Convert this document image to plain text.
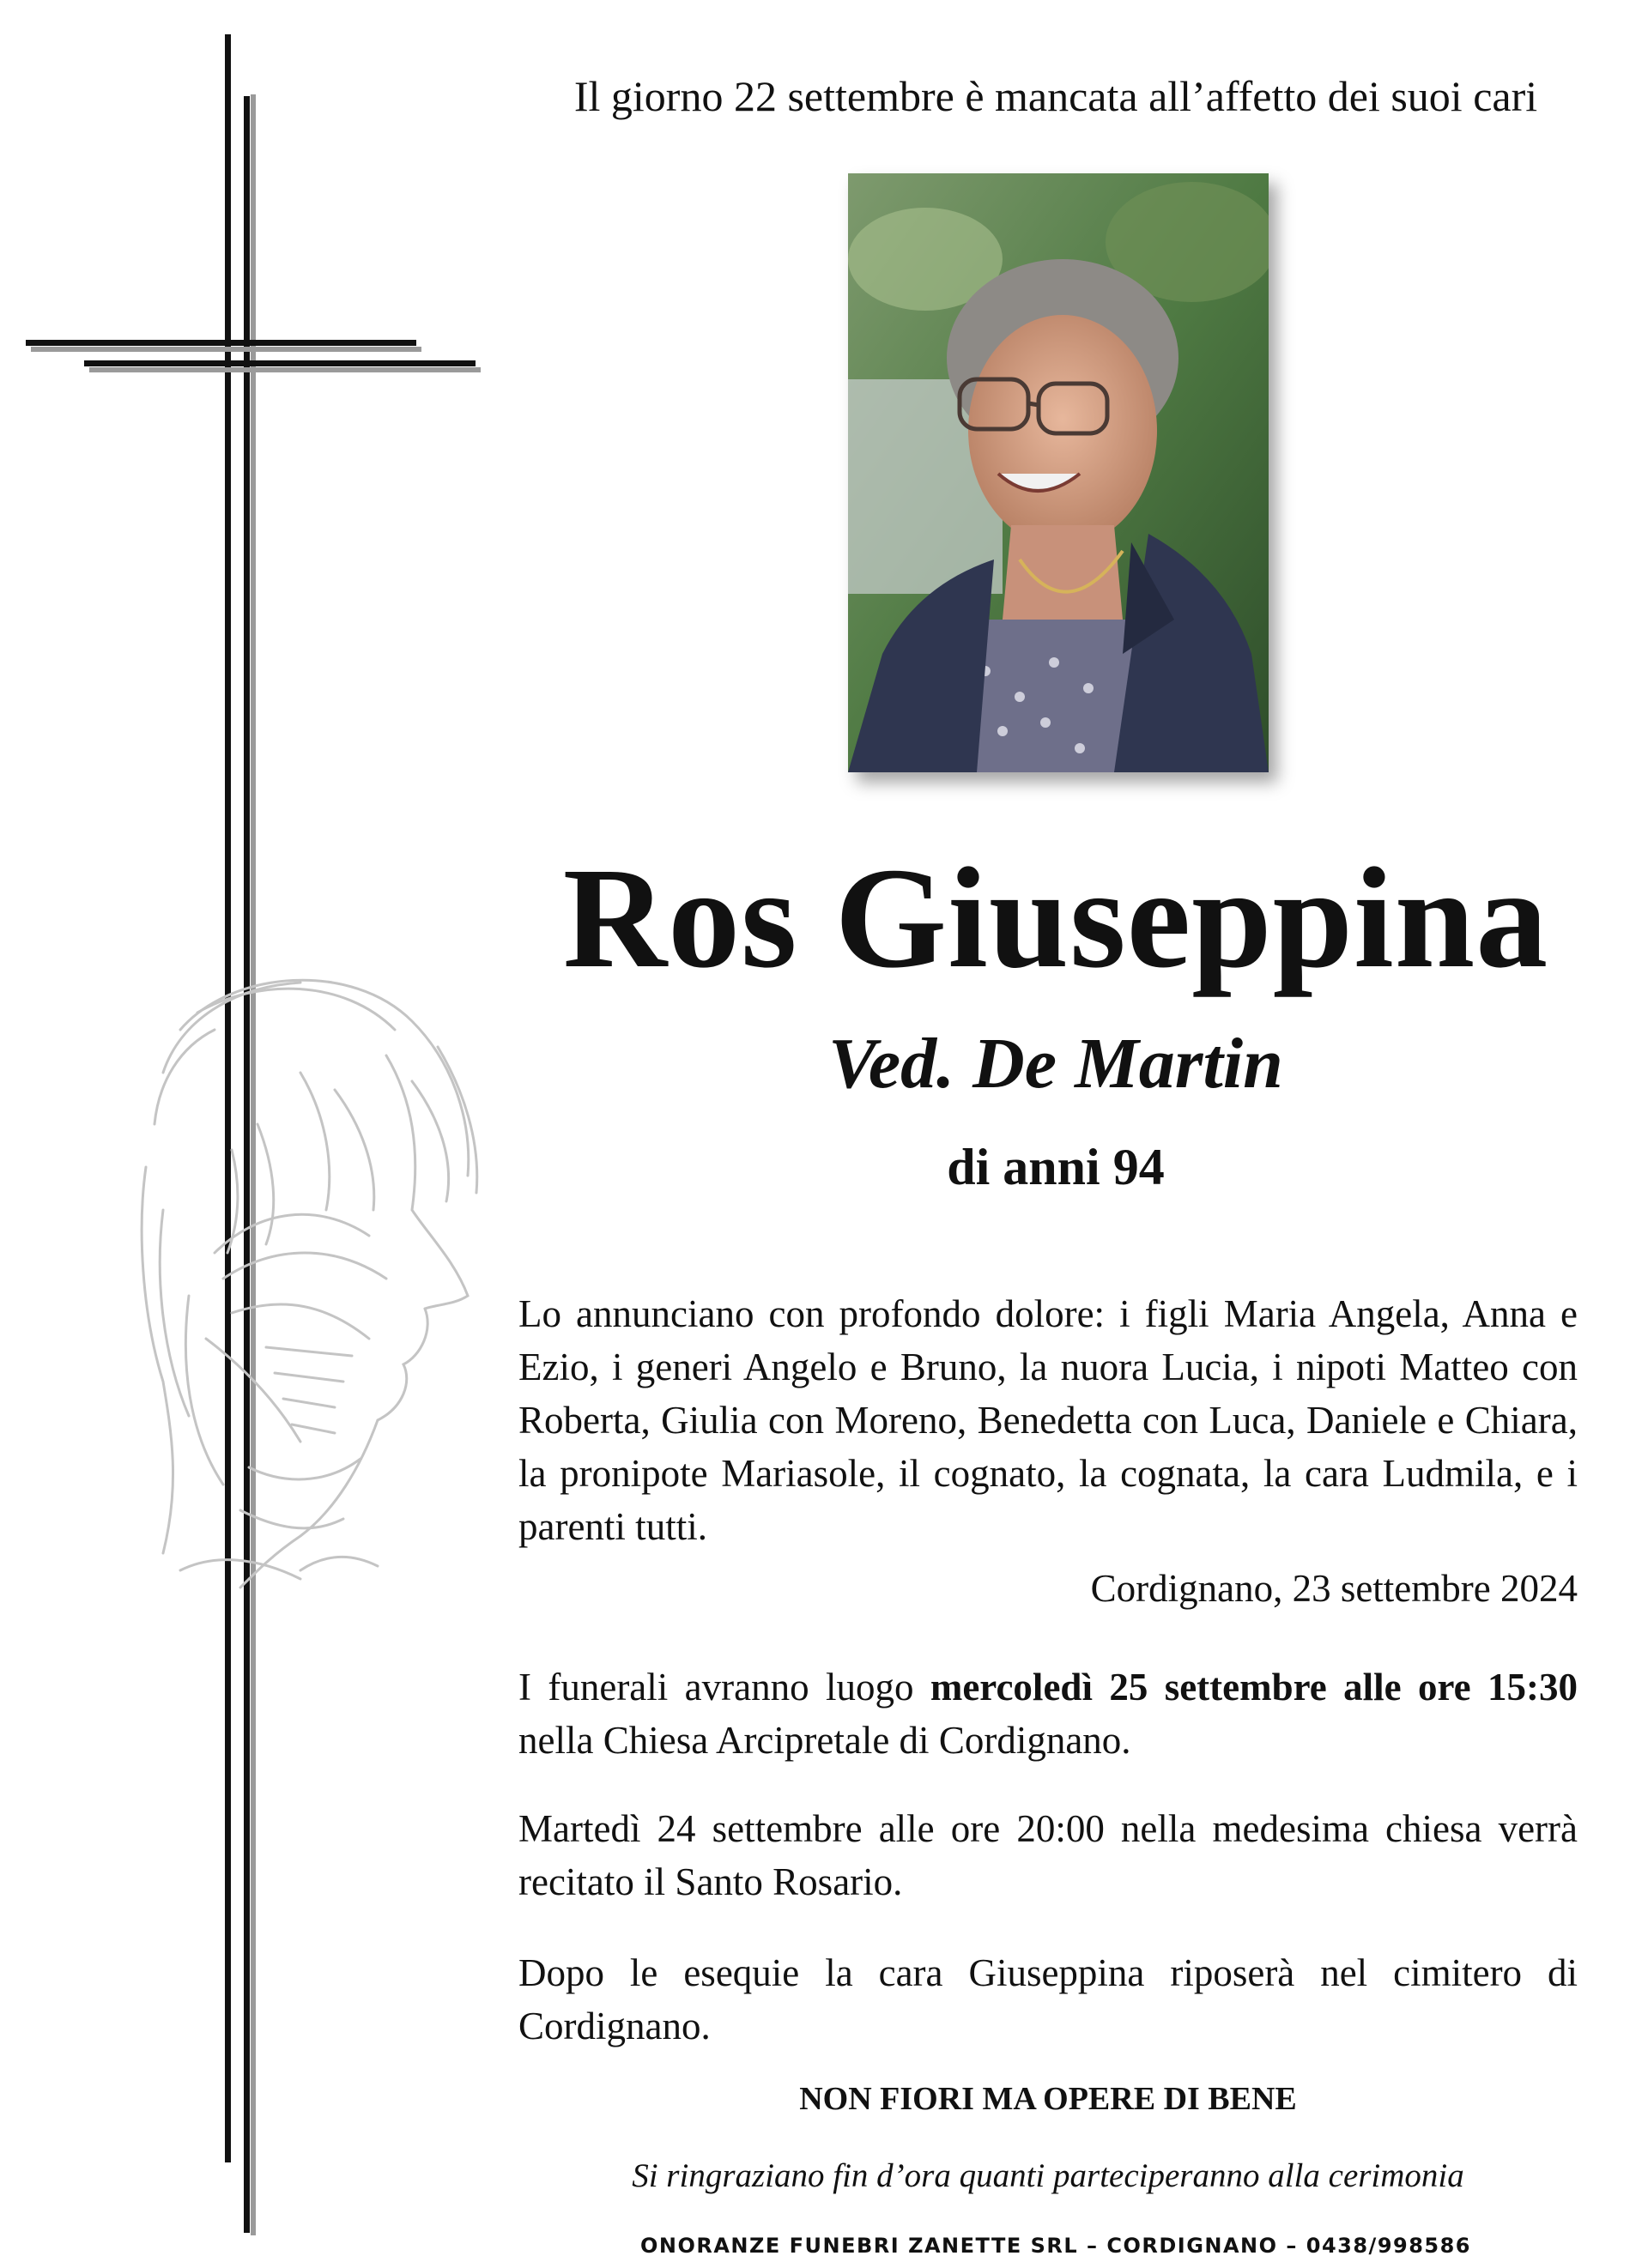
Il giorno 22 settembre è mancata all’affetto dei suoi cari
Ros Giuseppina
Ved. De Martin
di anni 94
Lo annunciano con profondo dolore: i figli Maria Angela, Anna e Ezio, i generi Angelo e Bruno, la nuora Lucia, i nipoti Matteo con Roberta, Giulia con Moreno, Benedetta con Luca, Daniele e Chiara, la pronipote Mariasole, il cognato, la cognata, la cara Ludmila, e i parenti tutti.
Cordignano, 23 settembre 2024
I funerali avranno luogo mercoledì 25 settembre alle ore 15:30 nella Chiesa Arcipretale di Cordignano.
Martedì 24 settembre alle ore 20:00 nella medesima chiesa verrà recitato il Santo Rosario.
Dopo le esequie la cara Giuseppina riposerà nel cimitero di Cordignano.
NON FIORI MA OPERE DI BENE
Si ringraziano fin d’ora quanti parteciperanno alla cerimonia
ONORANZE FUNEBRI ZANETTE SRL – CORDIGNANO – 0438/998586
